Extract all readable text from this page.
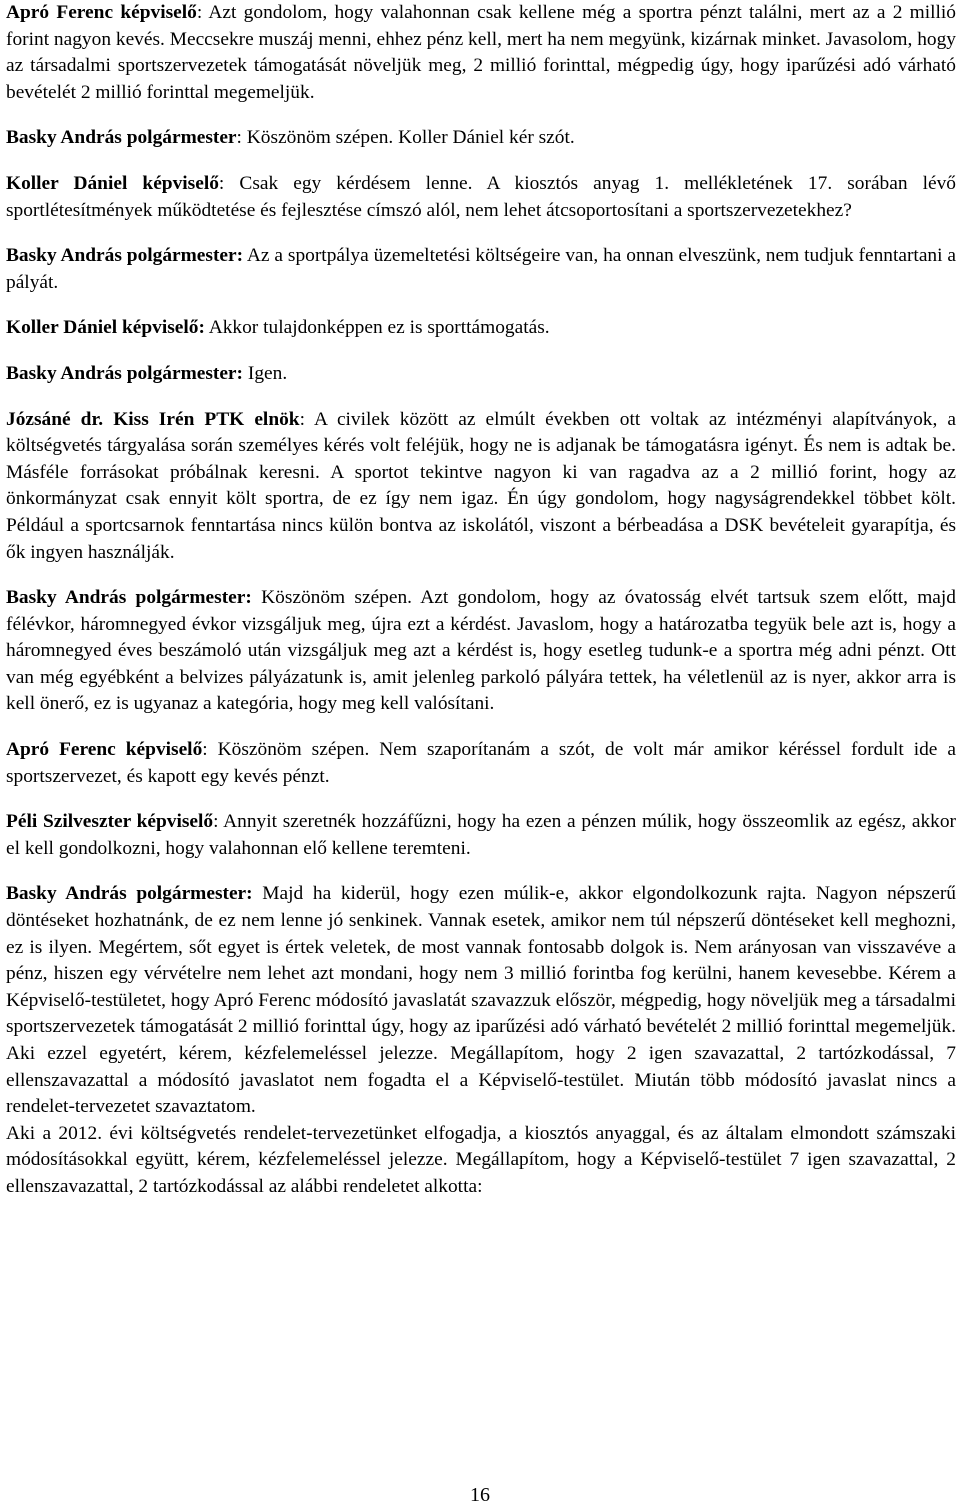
Apró Ferenc képviselő: Azt gondolom, hogy valahonnan csak kellene még a sportra pénzt találni, mert az a 2 millió forint nagyon kevés. Meccsekre muszáj menni, ehhez pénz kell, mert ha nem megyünk, kizárnak minket. Javasolom, hogy az társadalmi sportszervezetek támogatását növeljük meg, 2 millió forinttal, mégpedig úgy, hogy iparűzési adó várható bevételét 2 millió forinttal megemeljük.

Basky András polgármester: Köszönöm szépen. Koller Dániel kér szót.

Koller Dániel képviselő: Csak egy kérdésem lenne. A kiosztós anyag 1. mellékletének 17. sorában lévő sportlétesítmények működtetése és fejlesztése címszó alól, nem lehet átcsoportosítani a sportszervezetekhez?

Basky András polgármester: Az a sportpálya üzemeltetési költségeire van, ha onnan elveszünk, nem tudjuk fenntartani a pályát.

Koller Dániel képviselő: Akkor tulajdonképpen ez is sporttámogatás.

Basky András polgármester: Igen.

Józsáné dr. Kiss Irén PTK elnök: A civilek között az elmúlt években ott voltak az intézményi alapítványok, a költségvetés tárgyalása során személyes kérés volt feléjük, hogy ne is adjanak be támogatásra igényt. És nem is adtak be. Másféle forrásokat próbálnak keresni. A sportot tekintve nagyon ki van ragadva az a 2 millió forint, hogy az önkormányzat csak ennyit költ sportra, de ez így nem igaz. Én úgy gondolom, hogy nagyságrendekkel többet költ. Például a sportcsarnok fenntartása nincs külön bontva az iskolától, viszont a bérbeadása a DSK bevételeit gyarapítja, és ők ingyen használják.

Basky András polgármester: Köszönöm szépen. Azt gondolom, hogy az óvatosság elvét tartsuk szem előtt, majd félévkor, háromnegyed évkor vizsgáljuk meg, újra ezt a kérdést. Javaslom, hogy a határozatba tegyük bele azt is, hogy a háromnegyed éves beszámoló után vizsgáljuk meg azt a kérdést is, hogy esetleg tudunk-e a sportra még adni pénzt. Ott van még egyébként a belvizes pályázatunk is, amit jelenleg parkoló pályára tettek, ha véletlenül az is nyer, akkor arra is kell önerő, ez is ugyanaz a kategória, hogy meg kell valósítani.

Apró Ferenc képviselő: Köszönöm szépen. Nem szaporítanám a szót, de volt már amikor kéréssel fordult ide a sportszervezet, és kapott egy kevés pénzt.

Péli Szilveszter képviselő: Annyit szeretnék hozzáfűzni, hogy ha ezen a pénzen múlik, hogy összeomlik az egész, akkor el kell gondolkozni, hogy valahonnan elő kellene teremteni.

Basky András polgármester: Majd ha kiderül, hogy ezen múlik-e, akkor elgondolkozunk rajta. Nagyon népszerű döntéseket hozhatnánk, de ez nem lenne jó senkinek. Vannak esetek, amikor nem túl népszerű döntéseket kell meghozni, ez is ilyen. Megértem, sőt egyet is értek veletek, de most vannak fontosabb dolgok is. Nem arányosan van visszavéve a pénz, hiszen egy vérvételre nem lehet azt mondani, hogy nem 3 millió forintba fog kerülni, hanem kevesebbe. Kérem a Képviselő-testületet, hogy Apró Ferenc módosító javaslatát szavazzuk először, mégpedig, hogy növeljük meg a társadalmi sportszervezetek támogatását 2 millió forinttal úgy, hogy az iparűzési adó várható bevételét 2 millió forinttal megemeljük. Aki ezzel egyetért, kérem, kézfelemeléssel jelezze. Megállapítom, hogy 2 igen szavazattal, 2 tartózkodással, 7 ellenszavazattal a módosító javaslatot nem fogadta el a Képviselő-testület. Miután több módosító javaslat nincs a rendelet-tervezetet szavaztatom.

Aki a 2012. évi költségvetés rendelet-tervezetünket elfogadja, a kiosztós anyaggal, és az általam elmondott számszaki módosításokkal együtt, kérem, kézfelemeléssel jelezze. Megállapítom, hogy a Képviselő-testület 7 igen szavazattal, 2 ellenszavazattal, 2 tartózkodással az alábbi rendeletet alkotta:

16
